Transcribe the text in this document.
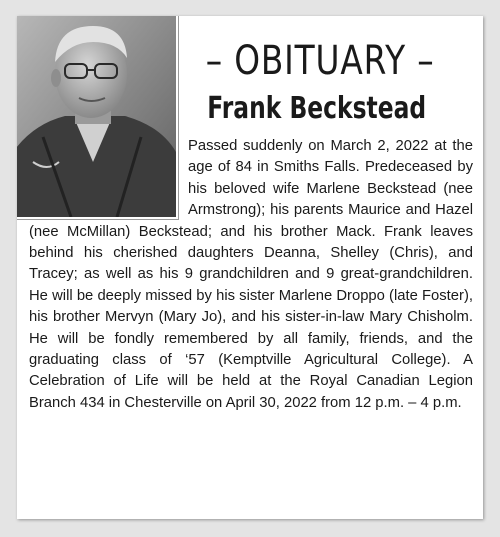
– OBITUARY –
Frank Beckstead
Passed suddenly on March 2, 2022 at the age of 84 in Smiths Falls. Predeceased by his beloved wife Marlene Beckstead (nee Armstrong); his parents Maurice and Hazel (nee McMillan) Beckstead; and his brother Mack. Frank leaves behind his cherished daughters Deanna, Shelley (Chris), and Tracey; as well as his 9 grandchildren and 9 great-grandchildren. He will be deeply missed by his sister Marlene Droppo (late Foster), his brother Mervyn (Mary Jo), and his sister-in-law Mary Chisholm. He will be fondly remembered by all family, friends, and the graduating class of ‘57 (Kemptville Agricultural College). A Celebration of Life will be held at the Royal Canadian Legion Branch 434 in Chesterville on April 30, 2022 from 12 p.m. – 4 p.m.
